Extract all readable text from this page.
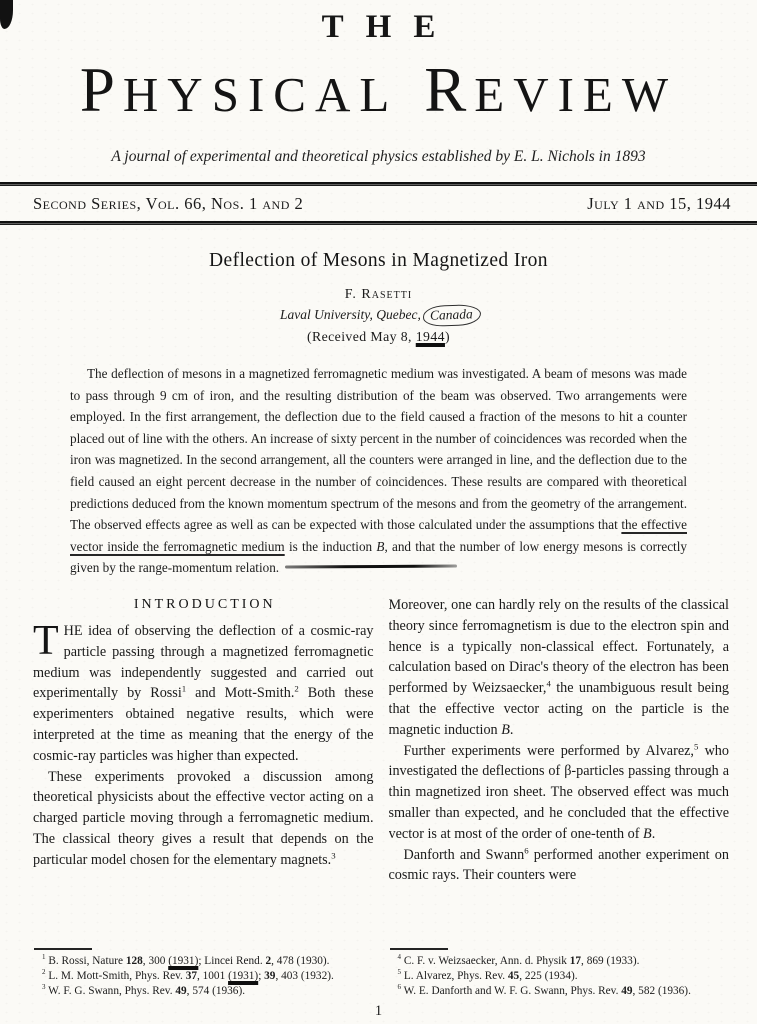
THE
PHYSICAL REVIEW
A journal of experimental and theoretical physics established by E. L. Nichols in 1893
Second Series, Vol. 66, Nos. 1 and 2	July 1 and 15, 1944
Deflection of Mesons in Magnetized Iron
F. Rasetti
Laval University, Quebec, Canada
(Received May 8, 1944)

The deflection of mesons in a magnetized ferromagnetic medium was investigated. A beam of mesons was made to pass through 9 cm of iron, and the resulting distribution of the beam was observed. Two arrangements were employed. In the first arrangement, the deflection due to the field caused a fraction of the mesons to hit a counter placed out of line with the others. An increase of sixty percent in the number of coincidences was recorded when the iron was magnetized. In the second arrangement, all the counters were arranged in line, and the deflection due to the field caused an eight percent decrease in the number of coincidences. These results are compared with theoretical predictions deduced from the known momentum spectrum of the mesons and from the geometry of the arrangement. The observed effects agree as well as can be expected with those calculated under the assumptions that the effective vector inside the ferromagnetic medium is the induction B, and that the number of low energy mesons is correctly given by the range-momentum relation.

INTRODUCTION

THE idea of observing the deflection of a cosmic-ray particle passing through a magnetized ferromagnetic medium was independently suggested and carried out experimentally by Rossi$^1$ and Mott-Smith.$^2$ Both these experimenters obtained negative results, which were interpreted at the time as meaning that the energy of the cosmic-ray particles was higher than expected.

These experiments provoked a discussion among theoretical physicists about the effective vector acting on a charged particle moving through a ferromagnetic medium. The classical theory gives a result that depends on the particular model chosen for the elementary magnets.$^3$

$^1$ B. Rossi, Nature 128, 300 (1931); Lincei Rend. 2, 478 (1930).

$^2$ L. M. Mott-Smith, Phys. Rev. 37, 1001 (1931); 39, 403 (1932).

$^3$ W. F. G. Swann, Phys. Rev. 49, 574 (1936).

Moreover, one can hardly rely on the results of the classical theory since ferromagnetism is due to the electron spin and hence is a typically non-classical effect. Fortunately, a calculation based on Dirac's theory of the electron has been performed by Weizsaecker,$^4$ the unambiguous result being that the effective vector acting on the particle is the magnetic induction B.

Further experiments were performed by Alvarez,$^5$ who investigated the deflections of β-particles passing through a thin magnetized iron sheet. The observed effect was much smaller than expected, and he concluded that the effective vector is at most of the order of one-tenth of B.

Danforth and Swann$^6$ performed another experiment on cosmic rays. Their counters were

$^4$ C. F. v. Weizsaecker, Ann. d. Physik 17, 869 (1933).

$^5$ L. Alvarez, Phys. Rev. 45, 225 (1934).

$^6$ W. E. Danforth and W. F. G. Swann, Phys. Rev. 49, 582 (1936).

1
